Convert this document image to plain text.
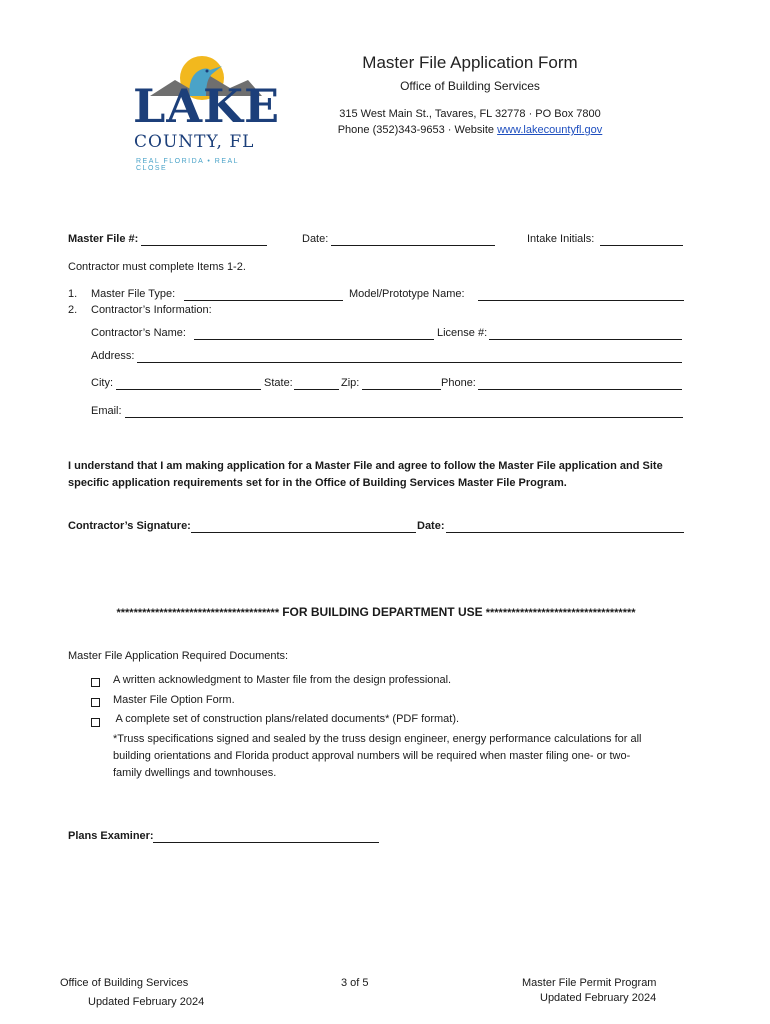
LAKE
COUNTY, FL
REAL FLORIDA • REAL CLOSE
Master File Application Form
Office of Building Services
315 West Main St., Tavares, FL 32778 · PO Box 7800
Phone (352)343-9653 · Website www.lakecountyfl.gov
Master File #:	Date:	Intake Initials:
Contractor must complete Items 1-2.
1. Master File Type:	Model/Prototype Name:
2. Contractor’s Information:
Contractor’s Name:	License #:
Address:
City:	State:	Zip:	Phone:
Email:
I understand that I am making application for a Master File and agree to follow the Master File application and Site
specific application requirements set for in the Office of Building Services Master File Program.
Contractor’s Signature:	Date:
************************************** FOR BUILDING DEPARTMENT USE ***********************************
Master File Application Required Documents:
A written acknowledgment to Master file from the design professional.
Master File Option Form.
A complete set of construction plans/related documents* (PDF format).
*Truss specifications signed and sealed by the truss design engineer, energy performance calculations for all
building orientations and Florida product approval numbers will be required when master filing one- or two-
family dwellings and townhouses.
Plans Examiner:
Office of Building Services
Updated February 2024
3 of 5	Master File Permit Program
Updated February 2024
